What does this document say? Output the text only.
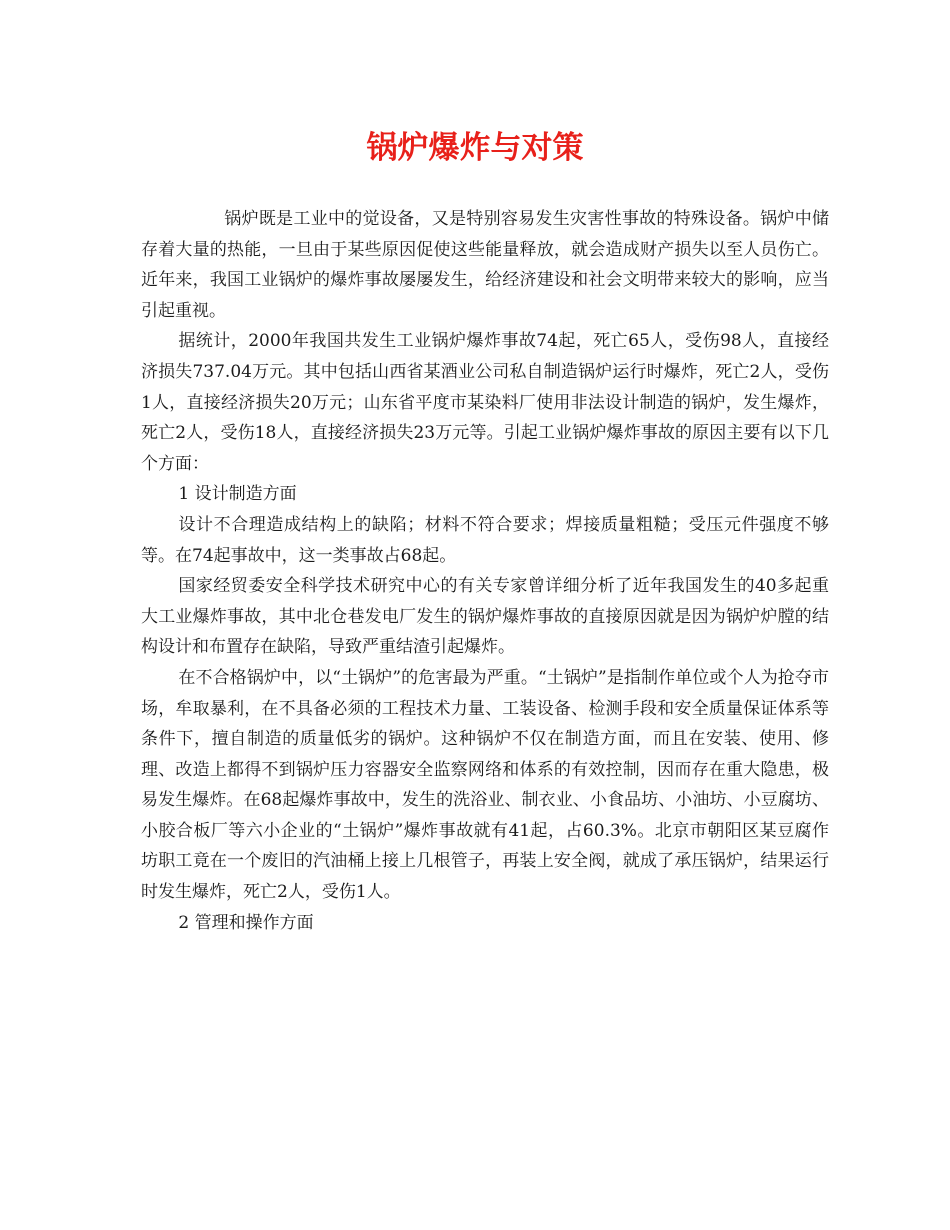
锅炉爆炸与对策

锅炉既是工业中的觉设备，又是特别容易发生灾害性事故的特殊设备。锅炉中储存着大量的热能，一旦由于某些原因促使这些能量释放，就会造成财产损失以至人员伤亡。近年来，我国工业锅炉的爆炸事故屡屡发生，给经济建设和社会文明带来较大的影响，应当引起重视。

据统计，2000年我国共发生工业锅炉爆炸事故74起，死亡65人，受伤98人，直接经济损失737.04万元。其中包括山西省某酒业公司私自制造锅炉运行时爆炸，死亡2人，受伤1人，直接经济损失20万元；山东省平度市某染料厂使用非法设计制造的锅炉，发生爆炸，死亡2人，受伤18人，直接经济损失23万元等。引起工业锅炉爆炸事故的原因主要有以下几个方面：

1 设计制造方面

设计不合理造成结构上的缺陷；材料不符合要求；焊接质量粗糙；受压元件强度不够等。在74起事故中，这一类事故占68起。

国家经贸委安全科学技术研究中心的有关专家曾详细分析了近年我国发生的40多起重大工业爆炸事故，其中北仓巷发电厂发生的锅炉爆炸事故的直接原因就是因为锅炉炉膛的结构设计和布置存在缺陷，导致严重结渣引起爆炸。

在不合格锅炉中，以“土锅炉”的危害最为严重。“土锅炉”是指制作单位或个人为抢夺市场，牟取暴利，在不具备必须的工程技术力量、工装设备、检测手段和安全质量保证体系等条件下，擅自制造的质量低劣的锅炉。这种锅炉不仅在制造方面，而且在安装、使用、修理、改造上都得不到锅炉压力容器安全监察网络和体系的有效控制，因而存在重大隐患，极易发生爆炸。在68起爆炸事故中，发生的洗浴业、制衣业、小食品坊、小油坊、小豆腐坊、小胶合板厂等六小企业的“土锅炉”爆炸事故就有41起，占60.3%。北京市朝阳区某豆腐作坊职工竟在一个废旧的汽油桶上接上几根管子，再装上安全阀，就成了承压锅炉，结果运行时发生爆炸，死亡2人，受伤1人。

2 管理和操作方面
